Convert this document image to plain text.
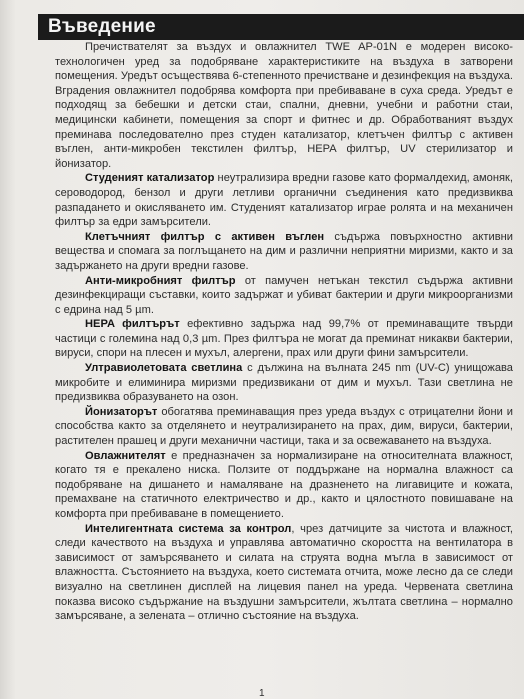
Въведение

Пречиствателят за въздух и овлажнител TWE AP-01N е модерен високо-технологичен уред за подобряване характеристиките на въздуха в затворени помещения. Уредът осъществява 6-степенното пречистване и дезинфекция на въздуха. Вградения овлажнител подобрява комфорта при пребиваване в суха среда. Уредът е подходящ за бебешки и детски стаи, спални, дневни, учебни и работни стаи, медицински кабинети, помещения за спорт и фитнес и др. Обработваният въздух преминава последователно през студен катализатор, клетъчен филтър с активен въглен, анти-микробен текстилен филтър, HEPA филтър, UV стерилизатор и йонизатор.

Студеният катализатор неутрализира вредни газове като формалдехид, амоняк, сероводород, бензол и други летливи органични съединения като предизвиква разпадането и окисляването им. Студеният катализатор играе ролята и на механичен филтър за едри замърсители.

Клетъчният филтър с активен въглен съдържа повърхностно активни вещества и спомага за поглъщането на дим и различни неприятни миризми, както и за задържането на други вредни газове.

Анти-микробният филтър от памучен нетъкан текстил съдържа активни дезинфекциращи съставки, които задържат и убиват бактерии и други микроорганизми с едрина над 5 µm.

HEPA филтърът ефективно задържа над 99,7% от преминаващите твърди частици с големина над 0,3 µm. През филтъра не могат да преминат никакви бактерии, вируси, спори на плесен и мухъл, алергени, прах или други фини замърсители.

Ултравиолетовата светлина с дължина на вълната 245 nm (UV-C) унищожава микробите и елиминира миризми предизвикани от дим и мухъл. Тази светлина не предизвиква образуването на озон.

Йонизаторът обогатява преминаващия през уреда въздух с отрицателни йони и способства както за отделянето и неутрализирането на прах, дим, вируси, бактерии, растителен прашец и други механични частици, така и за освежаването на въздуха.

Овлажнителят е предназначен за нормализиране на относителната влажност, когато тя е прекалено ниска. Ползите от поддържане на нормална влажност са подобряване на дишането и намаляване на дразненето на лигавиците и кожата, премахване на статичното електричество и др., както и цялостното повишаване на комфорта при пребиваване в помещението.

Интелигентната система за контрол, чрез датчиците за чистота и влажност, следи качеството на въздуха и управлява автоматично скоростта на вентилатора в зависимост от замърсяването и силата на струята водна мъгла в зависимост от влажността. Състоянието на въздуха, което системата отчита, може лесно да се следи визуално на светлинен дисплей на лицевия панел на уреда. Червената светлина показва високо съдържание на въздушни замърсители, жълтата светлина – нормално замърсяване, а зелената – отлично състояние на въздуха.

1
